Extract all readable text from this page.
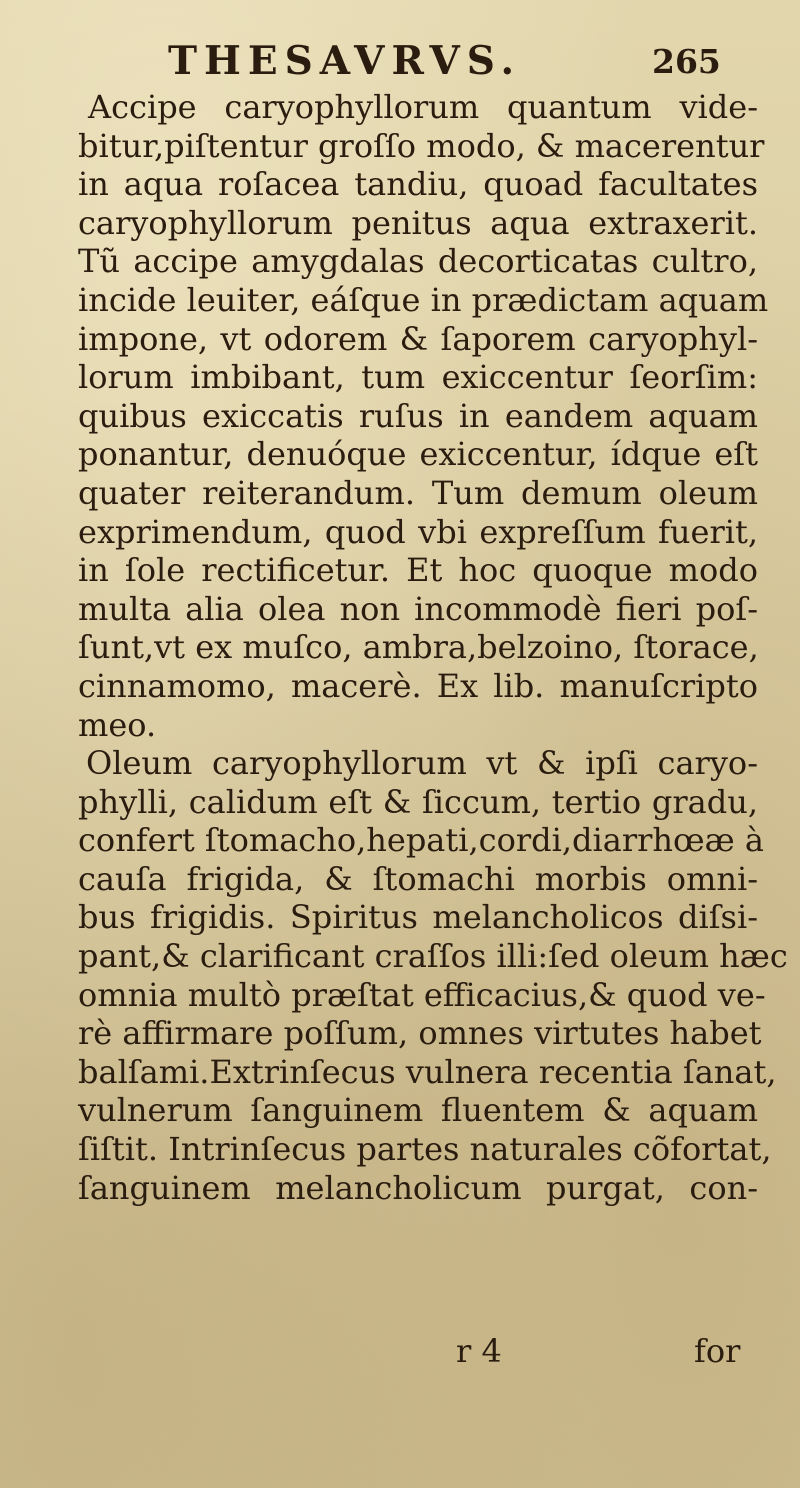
THESAVRVS.	265
Accipe caryophyllorum quantum vide-
bitur,piſtentur groſſo modo, & macerentur
in aqua roſacea tandiu, quoad facultates
caryophyllorum penitus aqua extraxerit.
Tũ accipe amygdalas decorticatas cultro,
incide leuiter, eáſque in prædictam aquam
impone, vt odorem & ſaporem caryophyl-
lorum imbibant, tum exiccentur ſeorſim:
quibus exiccatis ruſus in eandem aquam
ponantur, denuóque exiccentur, ídque eſt
quater reiterandum. Tum demum oleum
exprimendum, quod vbi expreſſum fuerit,
in ſole rectificetur. Et hoc quoque modo
multa alia olea non incommodè fieri poſ-
ſunt,vt ex muſco, ambra,belzoino, ſtorace,
cinnamomo, macerè. Ex lib. manuſcripto
meo.
Oleum caryophyllorum vt & ipſi caryo-
phylli, calidum eſt & ſiccum, tertio gradu,
confert ſtomacho,hepati,cordi,diarrhœæ à
cauſa frigida, & ſtomachi morbis omni-
bus frigidis. Spiritus melancholicos diſsi-
pant,& clarificant craſſos illi:ſed oleum hæc
omnia multò præſtat efficacius,& quod ve-
rè affirmare poſſum, omnes virtutes habet
balſami.Extrinſecus vulnera recentia ſanat,
vulnerum ſanguinem fluentem & aquam
ſiſtit. Intrinſecus partes naturales cõfortat,
ſanguinem melancholicum purgat, con-
r 4	for
